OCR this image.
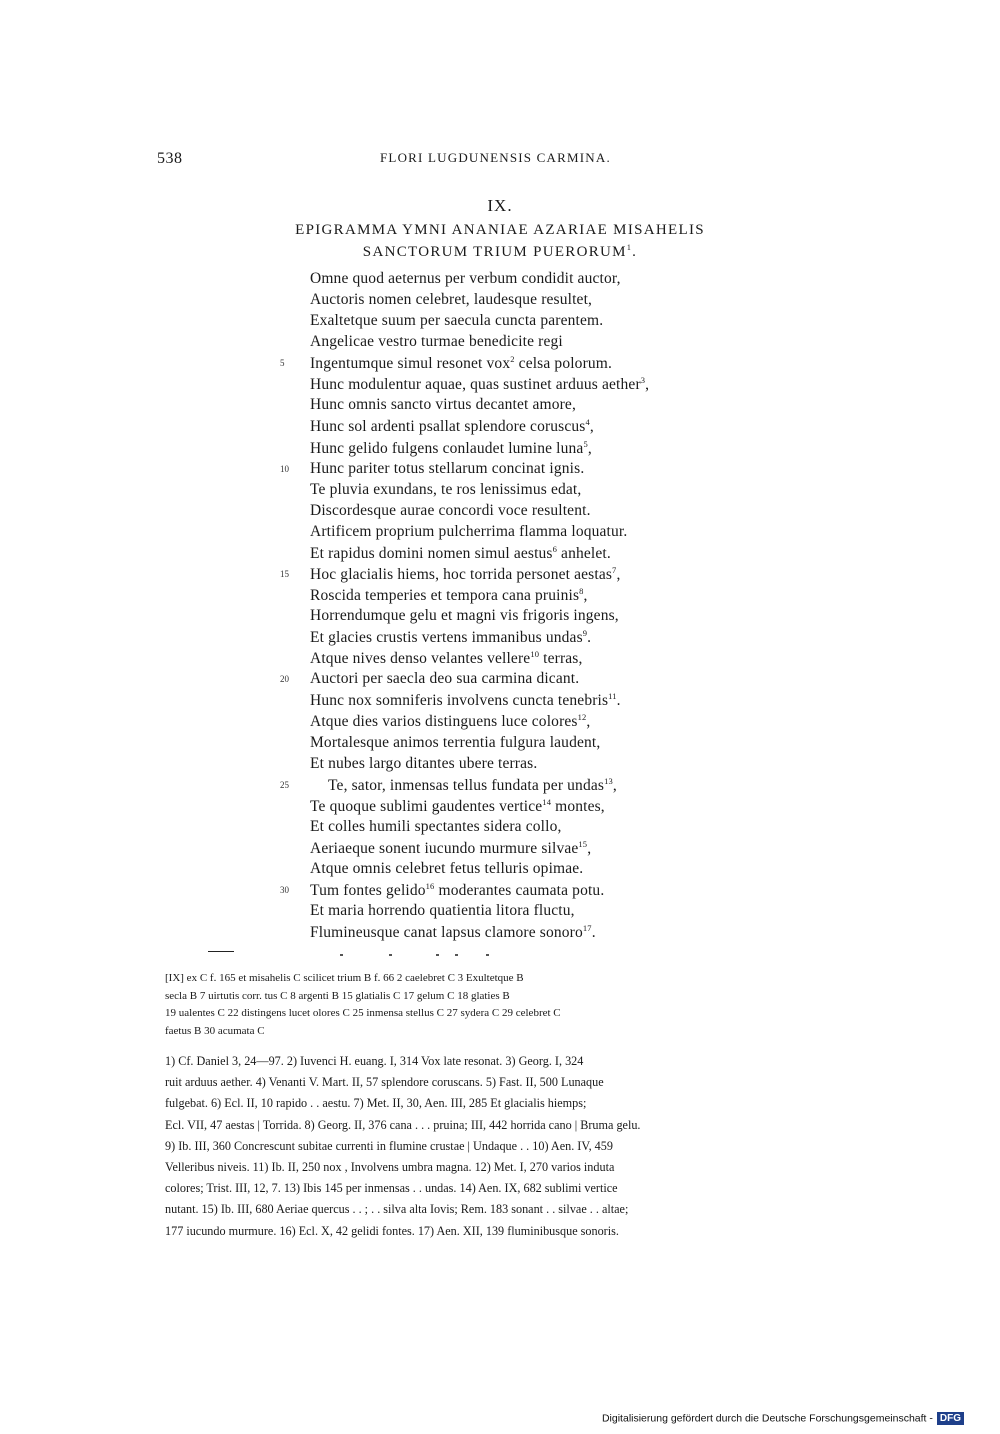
538	FLORI LUGDUNENSIS CARMINA.
IX.
EPIGRAMMA YMNI ANANIAE AZARIAE MISAHELIS
SANCTORUM TRIUM PUERORUM$^1$.
Omne quod aeternus per verbum condidit auctor,
Auctoris nomen celebret, laudesque resultet,
Exaltetque suum per saecula cuncta parentem.
Angelicae vestro turmae benedicite regi
Ingentumque simul resonet vox$^2$ celsa polorum.
Hunc modulentur aquae, quas sustinet arduus aether$^3$,
Hunc omnis sancto virtus decantet amore,
Hunc sol ardenti psallat splendore coruscus$^4$,
Hunc gelido fulgens conlaudet lumine luna$^5$,
Hunc pariter totus stellarum concinat ignis.
Te pluvia exundans, te ros lenissimus edat,
Discordesque aurae concordi voce resultent.
Artificem proprium pulcherrima flamma loquatur.
Et rapidus domini nomen simul aestus$^6$ anhelet.
Hoc glacialis hiems, hoc torrida personet aestas$^7$,
Roscida temperies et tempora cana pruinis$^8$,
Horrendumque gelu et magni vis frigoris ingens,
Et glacies crustis vertens immanibus undas$^9$.
Atque nives denso velantes vellere$^{10}$ terras,
Auctori per saecla deo sua carmina dicant.
Hunc nox somniferis involvens cuncta tenebris$^{11}$.
Atque dies varios distinguens luce colores$^{12}$,
Mortalesque animos terrentia fulgura laudent,
Et nubes largo ditantes ubere terras.
Te, sator, inmensas tellus fundata per undas$^{13}$,
Te quoque sublimi gaudentes vertice$^{14}$ montes,
Et colles humili spectantes sidera collo,
Aeriaeque sonent iucundo murmure silvae$^{15}$,
Atque omnis celebret fetus telluris opimae.
Tum fontes gelido$^{16}$ moderantes caumata potu.
Et maria horrendo quatientia litora fluctu,
Flumineusque canat lapsus clamore sonoro$^{17}$.
5
10
15
20
25
30
[IX] ex C f. 165 et misahelis C scilicet trium B f. 66 2 caelebret C 3 Exultetque B
secla B 7 uirtutis corr. tus C 8 argenti B 15 glatialis C 17 gelum C 18 glaties B
19 ualentes C 22 distingens lucet olores C 25 inmensa stellus C 27 sydera C 29 celebret C
faetus B 30 acumata C
1) Cf. Daniel 3, 24—97. 2) Iuvenci H. euang. I, 314 Vox late resonat. 3) Georg. I, 324
ruit arduus aether. 4) Venanti V. Mart. II, 57 splendore coruscans. 5) Fast. II, 500 Lunaque
fulgebat. 6) Ecl. II, 10 rapido . . aestu. 7) Met. II, 30, Aen. III, 285 Et glacialis hiemps;
Ecl. VII, 47 aestas | Torrida. 8) Georg. II, 376 cana . . . pruina; III, 442 horrida cano | Bruma gelu.
9) Ib. III, 360 Concrescunt subitae currenti in flumine crustae | Undaque . . 10) Aen. IV, 459
Velleribus niveis. 11) Ib. II, 250 nox , Involvens umbra magna. 12) Met. I, 270 varios induta
colores; Trist. III, 12, 7. 13) Ibis 145 per inmensas . . undas. 14) Aen. IX, 682 sublimi vertice
nutant. 15) Ib. III, 680 Aeriae quercus . . ; . . silva alta Iovis; Rem. 183 sonant . . silvae . . altae;
177 iucundo murmure. 16) Ecl. X, 42 gelidi fontes. 17) Aen. XII, 139 fluminibusque sonoris.
Digitalisierung gefördert durch die Deutsche Forschungsgemeinschaft - DFG
